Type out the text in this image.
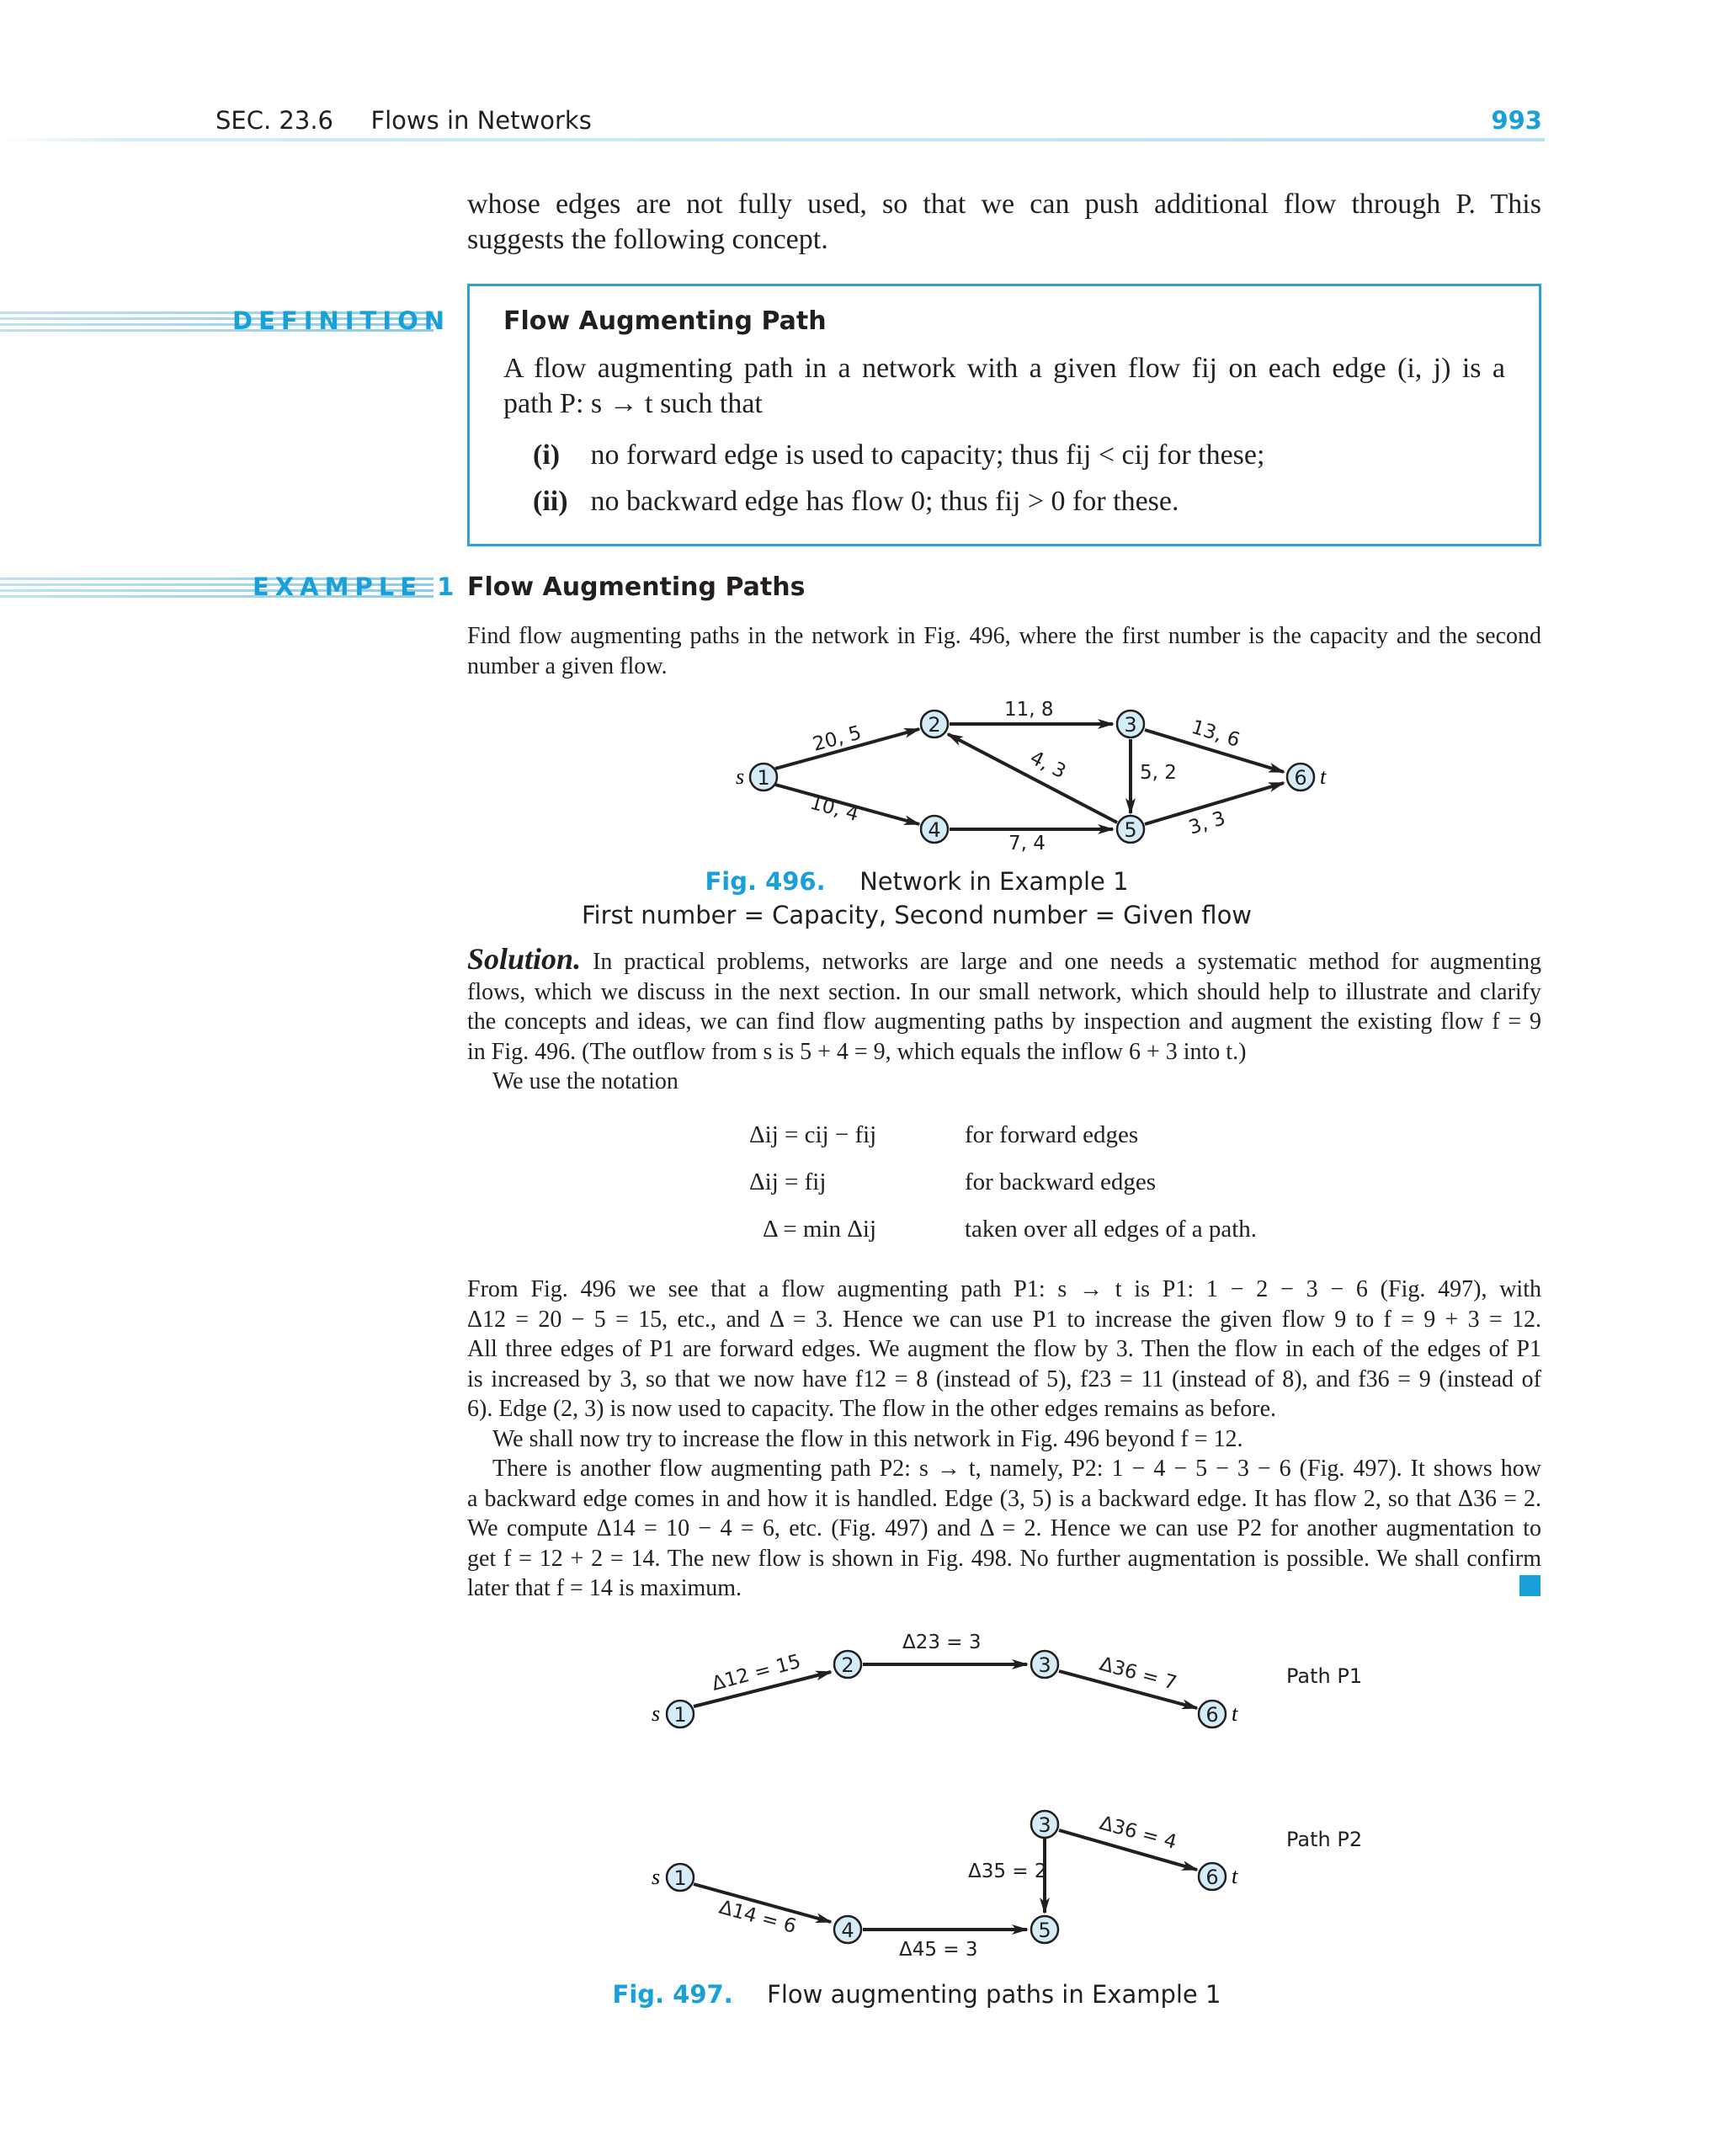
SEC. 23.6 Flows in Networks	993

whose edges are not fully used, so that we can push additional flow through P. This

suggests the following concept.

DEFINITION Flow Augmenting Path
A flow augmenting path in a network with a given flow fij on each edge (i, j) is a
path P: s → t such that
(i) no forward edge is used to capacity; thus fij < cij for these;
(ii) no backward edge has flow 0; thus fij > 0 for these.
EXAMPLE 1 Flow Augmenting Paths

Find flow augmenting paths in the network in Fig. 496, where the first number is the capacity and the second

number a given flow.

1
2	3
4	5
6
s	t
20, 5
10, 4
11, 8
13, 6
5, 2
4, 3
7, 4
3, 3
Fig. 496. Network in Example 1
First number = Capacity, Second number = Given flow

Solution. In practical problems, networks are large and one needs a systematic method for augmenting

flows, which we discuss in the next section. In our small network, which should help to illustrate and clarify

the concepts and ideas, we can find flow augmenting paths by inspection and augment the existing flow f = 9

in Fig. 496. (The outflow from s is 5 + 4 = 9, which equals the inflow 6 + 3 into t.)

We use the notation

Δij = cij − fij	for forward edges
Δij = fij	for backward edges
Δ = min Δij	taken over all edges of a path.

From Fig. 496 we see that a flow augmenting path P1: s → t is P1: 1 − 2 − 3 − 6 (Fig. 497), with

Δ12 = 20 − 5 = 15, etc., and Δ = 3. Hence we can use P1 to increase the given flow 9 to f = 9 + 3 = 12.

All three edges of P1 are forward edges. We augment the flow by 3. Then the flow in each of the edges of P1

is increased by 3, so that we now have f12 = 8 (instead of 5), f23 = 11 (instead of 8), and f36 = 9 (instead of

6). Edge (2, 3) is now used to capacity. The flow in the other edges remains as before.

We shall now try to increase the flow in this network in Fig. 496 beyond f = 12.

There is another flow augmenting path P2: s → t, namely, P2: 1 − 4 − 5 − 3 − 6 (Fig. 497). It shows how

a backward edge comes in and how it is handled. Edge (3, 5) is a backward edge. It has flow 2, so that Δ36 = 2.

We compute Δ14 = 10 − 4 = 6, etc. (Fig. 497) and Δ = 2. Hence we can use P2 for another augmentation to

get f = 12 + 2 = 14. The new flow is shown in Fig. 498. No further augmentation is possible. We shall confirm

later that f = 14 is maximum.

1
2	3
6
s	t
Δ12 = 15
Δ23 = 3
Δ36 = 7	Path P1
1
4	5
3
6
s	t
Δ14 = 6
Δ45 = 3
Δ35 = 2
Δ36 = 4	Path P2
Fig. 497. Flow augmenting paths in Example 1
